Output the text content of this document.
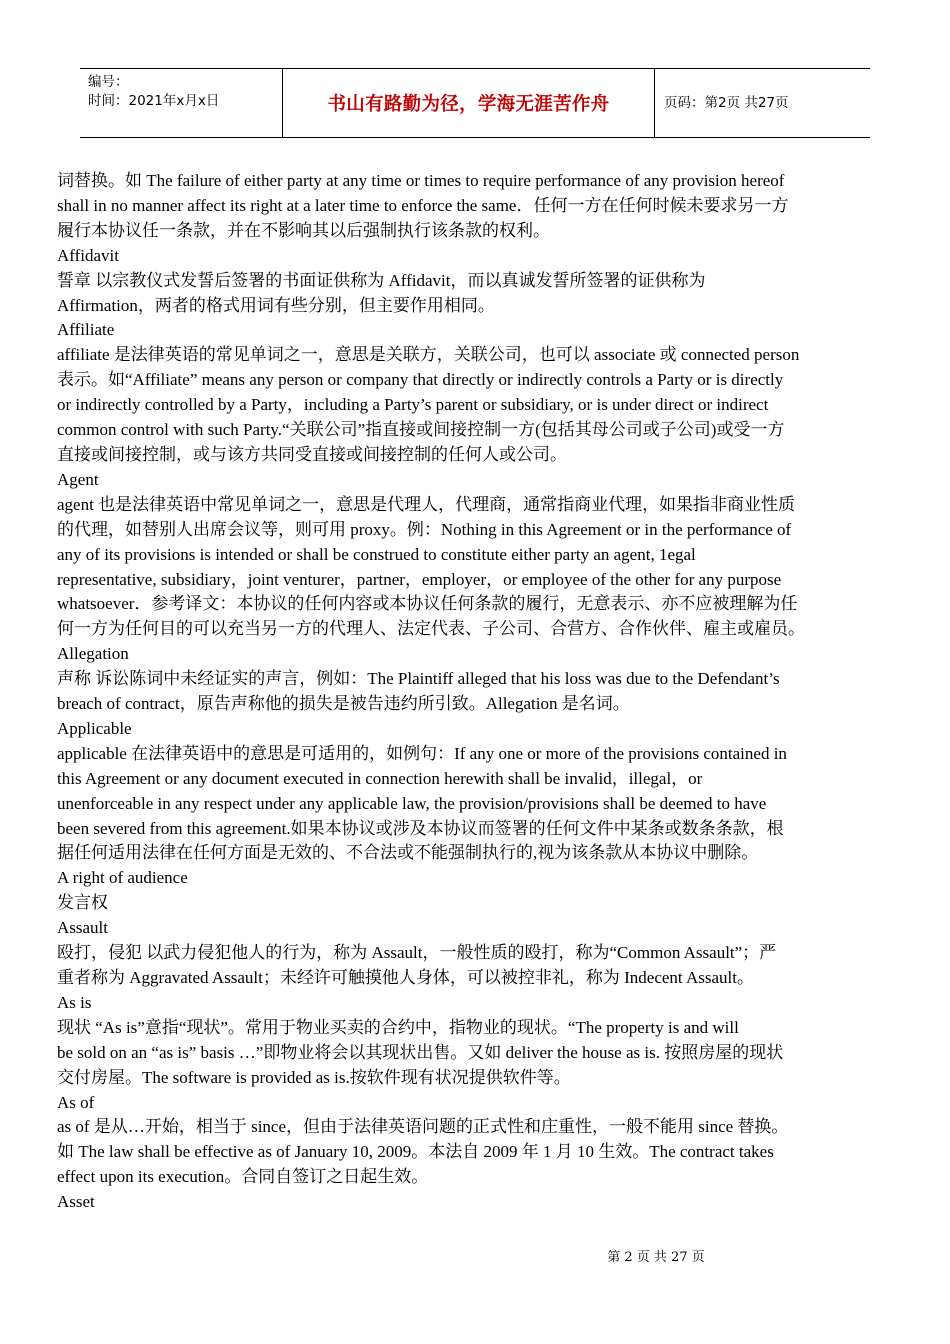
编号：
时间：2021年x月x日	书山有路勤为径，学海无涯苦作舟	页码：第2页 共27页
词替换。如 The failure of either party at any time or times to require performance of any provision hereof
shall in no manner affect its right at a later time to enforce the same．任何一方在任何时候未要求另一方
履行本协议任一条款，并在不影响其以后强制执行该条款的权利。
Affidavit
誓章 以宗教仪式发誓后签署的书面证供称为 Affidavit，而以真诚发誓所签署的证供称为
Affirmation，两者的格式用词有些分别，但主要作用相同。
Affiliate
affiliate 是法律英语的常见单词之一，意思是关联方，关联公司，也可以 associate 或 connected person
表示。如“Affiliate” means any person or company that directly or indirectly controls a Party or is directly
or indirectly controlled by a Party，including a Party’s parent or subsidiary, or is under direct or indirect
common control with such Party.“关联公司”指直接或间接控制一方(包括其母公司或子公司)或受一方
直接或间接控制，或与该方共同受直接或间接控制的任何人或公司。
Agent
agent 也是法律英语中常见单词之一，意思是代理人，代理商，通常指商业代理，如果指非商业性质
的代理，如替别人出席会议等，则可用 proxy。例：Nothing in this Agreement or in the performance of
any of its provisions is intended or shall be construed to constitute either party an agent, 1egal
representative, subsidiary，joint venturer，partner，employer，or employee of the other for any purpose
whatsoever．参考译文：本协议的任何内容或本协议任何条款的履行，无意表示、亦不应被理解为任
何一方为任何目的可以充当另一方的代理人、法定代表、子公司、合营方、合作伙伴、雇主或雇员。
Allegation
声称 诉讼陈词中未经证实的声言，例如：The Plaintiff alleged that his loss was due to the Defendant’s
breach of contract，原告声称他的损失是被告违约所引致。Allegation 是名词。
Applicable
applicable 在法律英语中的意思是可适用的，如例句：If any one or more of the provisions contained in
this Agreement or any document executed in connection herewith shall be invalid，illegal，or
unenforceable in any respect under any applicable law, the provision/provisions shall be deemed to have
been severed from this agreement.如果本协议或涉及本协议而签署的任何文件中某条或数条条款，根
据任何适用法律在任何方面是无效的、不合法或不能强制执行的,视为该条款从本协议中删除。
A right of audience
发言权
Assault
殴打，侵犯 以武力侵犯他人的行为，称为 Assault，一般性质的殴打，称为“Common Assault”；严
重者称为 Aggravated Assault；未经许可触摸他人身体，可以被控非礼，称为 Indecent Assault。
As is
现状 “As is”意指“现状”。常用于物业买卖的合约中，指物业的现状。“The property is and will
be sold on an “as is” basis …”即物业将会以其现状出售。又如 deliver the house as is. 按照房屋的现状
交付房屋。The software is provided as is.按软件现有状况提供软件等。
As of
as of 是从…开始，相当于 since，但由于法律英语问题的正式性和庄重性，一般不能用 since 替换。
如 The law shall be effective as of January 10, 2009。本法自 2009 年 1 月 10 生效。The contract takes
effect upon its execution。合同自签订之日起生效。
Asset
第 2 页 共 27 页
